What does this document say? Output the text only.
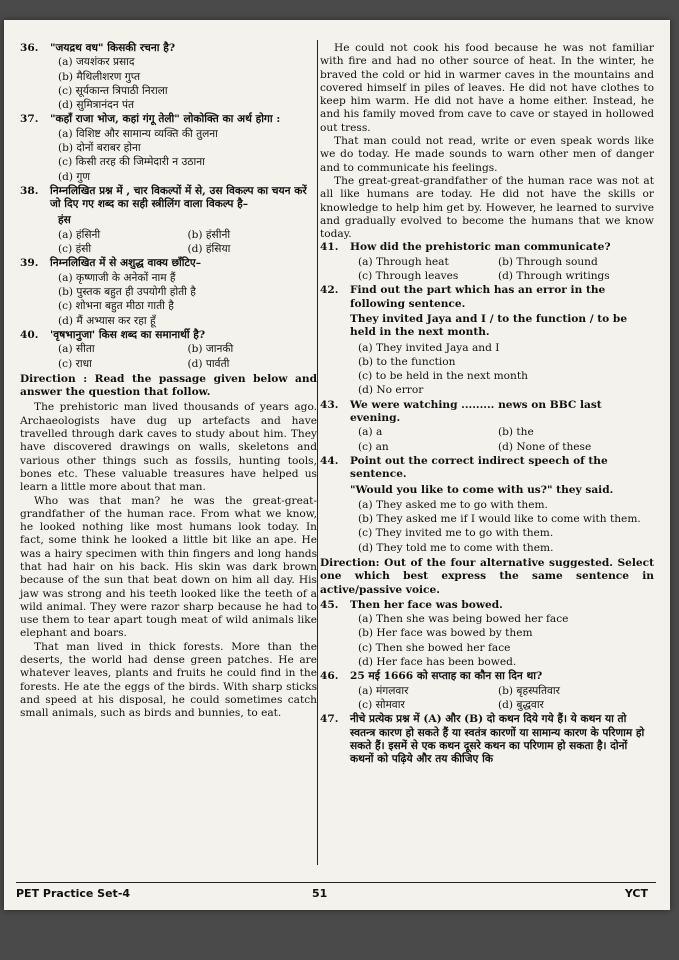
36.	"जयद्रथ वध" किसकी रचना है?
(a) जयशंकर प्रसाद
(b) मैथिलीशरण गुप्त
(c) सूर्यकान्त त्रिपाठी निराला
(d) सुमित्रानंदन पंत
37.	"कहाँ राजा भोज, कहां गंगू तेली" लोकोक्ति का अर्थ होगा :
(a) विशिष्ट और सामान्य व्यक्ति की तुलना
(b) दोनों बराबर होना
(c) किसी तरह की जिम्मेदारी न उठाना
(d) गुण
38.	निम्नलिखित प्रश्न में , चार विकल्पों में से, उस विकल्प का चयन करें जो दिए गए शब्द का सही स्त्रीलिंग वाला विकल्प है–
हंस
(a) हंसिनी	(b) हंसीनी
(c) हंसी	(d) हंसिया
39.	निम्नलिखित में से अशुद्ध वाक्य छाँटिए–
(a) कृष्णाजी के अनेकों नाम हैं
(b) पुस्तक बहुत ही उपयोगी होती है
(c) शोभना बहुत मीठा गाती है
(d) मैं अभ्यास कर रहा हूँ
40.	'वृषभानुजा' किस शब्द का समानार्थी है?
(a) सीता	(b) जानकी
(c) राधा	(d) पार्वती

Direction : Read the passage given below and answer the question that follow.

The prehistoric man lived thousands of years ago. Archaeologists have dug up artefacts and have travelled through dark caves to study about him. They have discovered drawings on walls, skeletons and various other things such as fossils, hunting tools, bones etc. These valuable treasures have helped us learn a little more about that man.

Who was that man? he was the great-great-grandfather of the human race. From what we know, he looked nothing like most humans look today. In fact, some think he looked a little bit like an ape. He was a hairy specimen with thin fingers and long hands that had hair on his back. His skin was dark brown because of the sun that beat down on him all day. His jaw was strong and his teeth looked like the teeth of a wild animal. They were razor sharp because he had to use them to tear apart tough meat of wild animals like elephant and boars.

That man lived in thick forests. More than the deserts, the world had dense green patches. He are whatever leaves, plants and fruits he could find in the forests. He ate the eggs of the birds. With sharp sticks and speed at his disposal, he could sometimes catch small animals, such as birds and bunnies, to eat.

He could not cook his food because he was not familiar with fire and had no other source of heat. In the winter, he braved the cold or hid in warmer caves in the mountains and covered himself in piles of leaves. He did not have clothes to keep him warm. He did not have a home either. Instead, he and his family moved from cave to cave or stayed in hollowed out tress.

That man could not read, write or even speak words like we do today. He made sounds to warn other men of danger and to communicate his feelings.

The great-great-grandfather of the human race was not at all like humans are today. He did not have the skills or knowledge to help him get by. However, he learned to survive and gradually evolved to become the humans that we know today.

41.	How did the prehistoric man communicate?
(a) Through heat	(b) Through sound
(c) Through leaves	(d) Through writings
42.	Find out the part which has an error in the following sentence.
They invited Jaya and I / to the function / to be held in the next month.
(a) They invited Jaya and I
(b) to the function
(c) to be held in the next month
(d) No error
43.	We were watching ......... news on BBC last evening.
(a) a	(b) the
(c) an	(d) None of these
44.	Point out the correct indirect speech of the sentence.
"Would you like to come with us?" they said.
(a) They asked me to go with them.
(b) They asked me if I would like to come with them.
(c) They invited me to go with them.
(d) They told me to come with them.

Direction: Out of the four alternative suggested. Select one which best express the same sentence in active/passive voice.

45.	Then her face was bowed.
(a) Then she was being bowed her face
(b) Her face was bowed by them
(c) Then she bowed her face
(d) Her face has been bowed.
46.	25 मई 1666 को सप्ताह का कौन सा दिन था?
(a) मंगलवार	(b) बृहस्पतिवार
(c) सोमवार	(d) बुद्धवार
47.	नीचे प्रत्येक प्रश्न में (A) और (B) दो कथन दिये गये हैं। ये कथन या तो स्वतन्त्र कारण हो सकते हैं या स्वतंत्र कारणों या सामान्य कारण के परिणाम हो सकते हैं। इसमें से एक कथन दूसरे कथन का परिणाम हो सकता है। दोनों कथनों को पढ़िये और तय कीजिए कि
PET Practice Set-4	51	YCT
